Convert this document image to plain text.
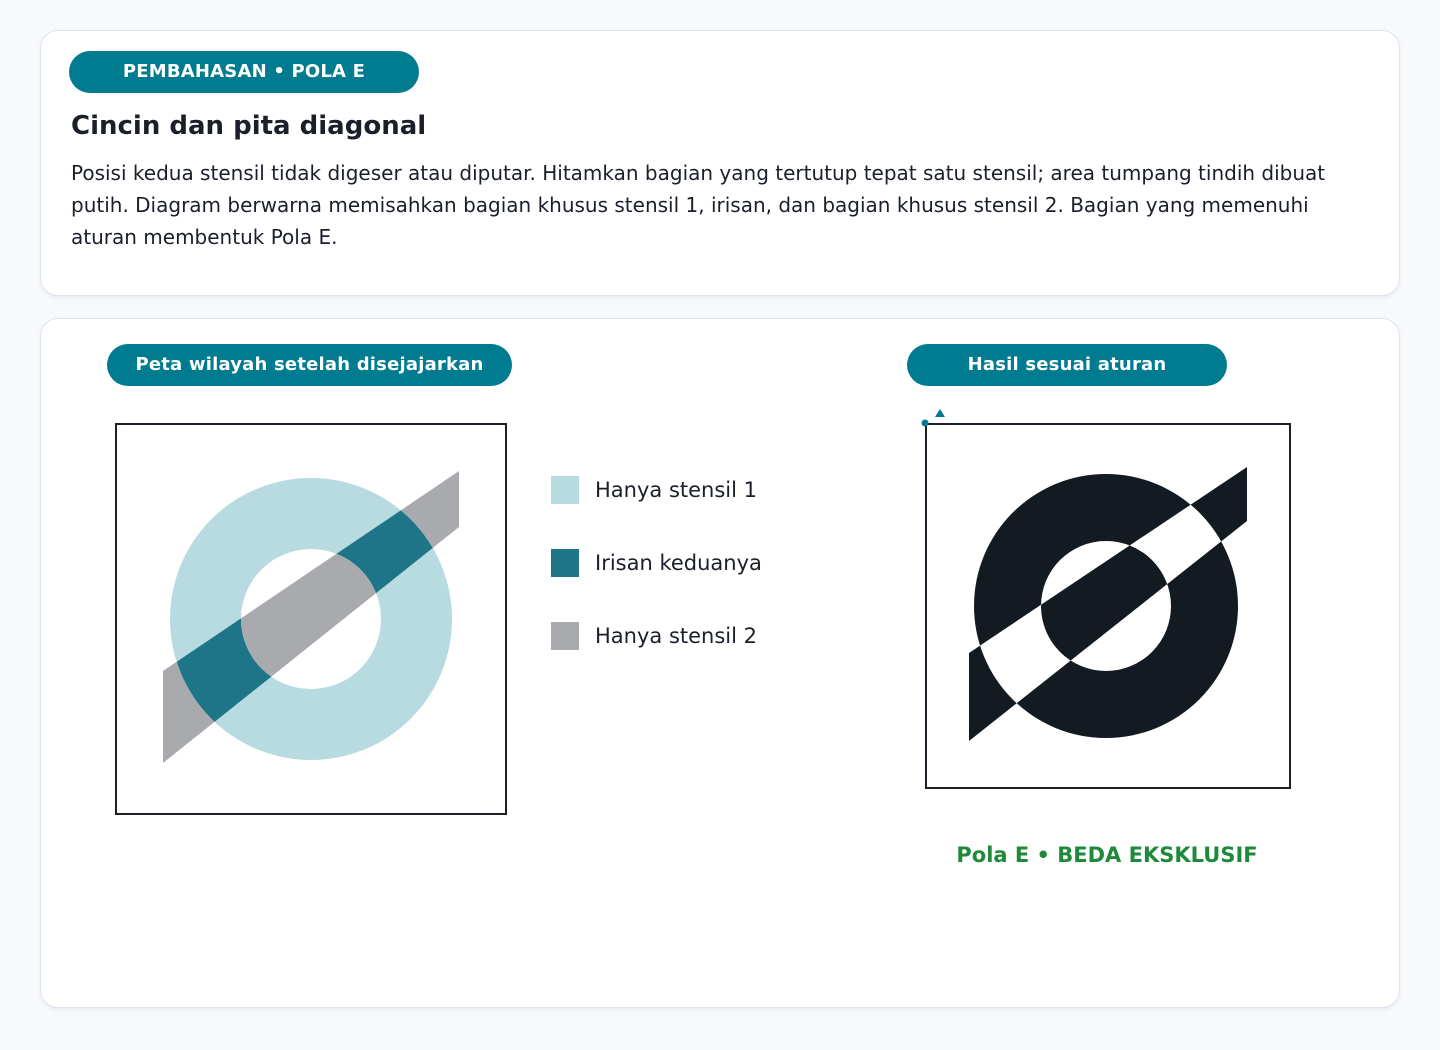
PEMBAHASAN • POLA E
Cincin dan pita diagonal

Posisi kedua stensil tidak digeser atau diputar. Hitamkan bagian yang tertutup tepat satu stensil; area tumpang tindih dibuat putih. Diagram berwarna memisahkan bagian khusus stensil 1, irisan, dan bagian khusus stensil 2. Bagian yang memenuhi aturan membentuk Pola E.

Peta wilayah setelah disejajarkan
Hanya stensil 1
Irisan keduanya
Hanya stensil 2
Hasil sesuai aturan
Pola E • BEDA EKSKLUSIF
